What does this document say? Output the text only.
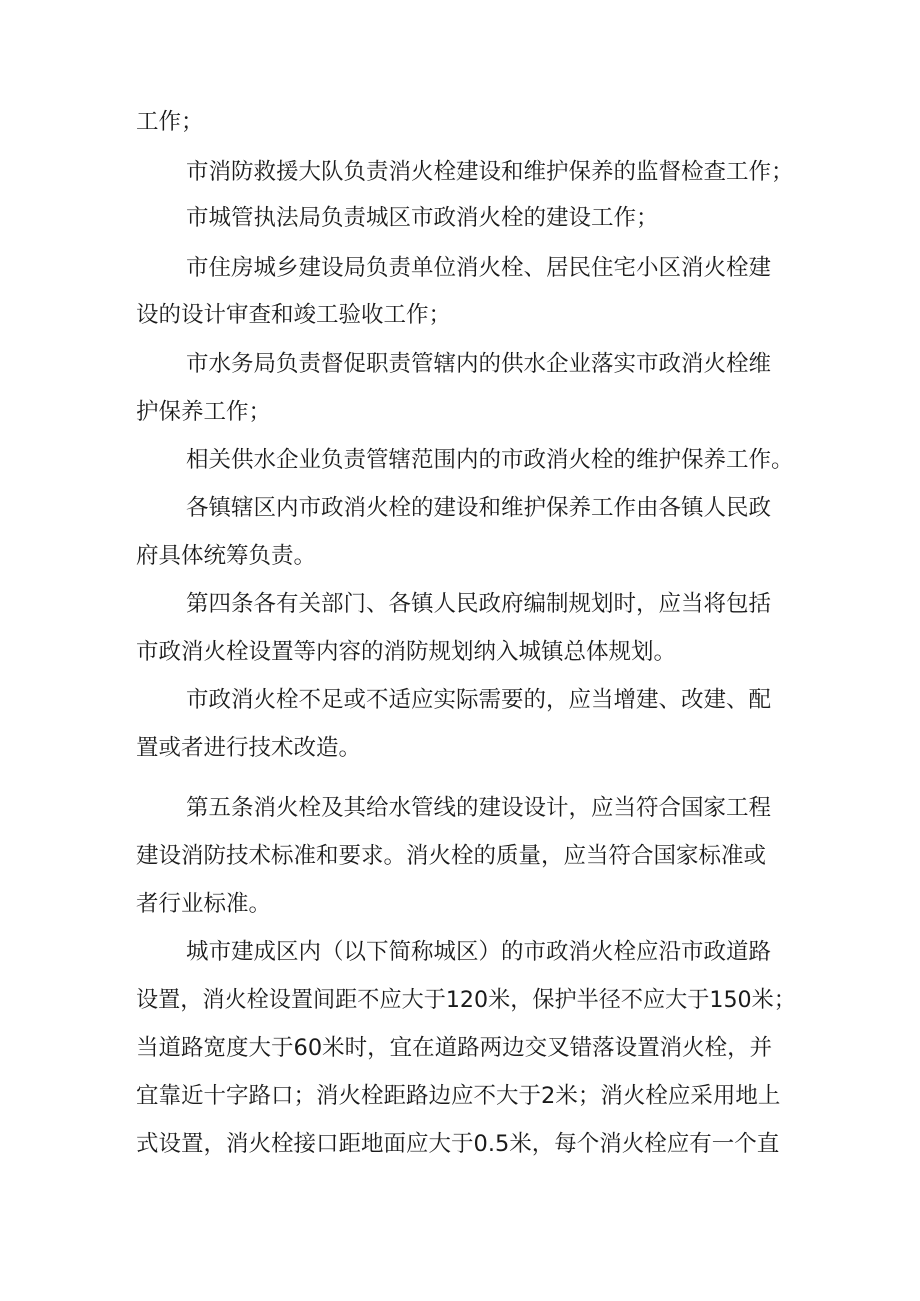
工作；
市消防救援大队负责消火栓建设和维护保养的监督检查工作；
市城管执法局负责城区市政消火栓的建设工作；
市住房城乡建设局负责单位消火栓、居民住宅小区消火栓建
设的设计审查和竣工验收工作；
市水务局负责督促职责管辖内的供水企业落实市政消火栓维
护保养工作；
相关供水企业负责管辖范围内的市政消火栓的维护保养工作。
各镇辖区内市政消火栓的建设和维护保养工作由各镇人民政
府具体统筹负责。
第四条各有关部门、各镇人民政府编制规划时，应当将包括
市政消火栓设置等内容的消防规划纳入城镇总体规划。
市政消火栓不足或不适应实际需要的，应当增建、改建、配
置或者进行技术改造。
第五条消火栓及其给水管线的建设设计，应当符合国家工程
建设消防技术标准和要求。消火栓的质量，应当符合国家标准或
者行业标准。
城市建成区内（以下简称城区）的市政消火栓应沿市政道路
设置，消火栓设置间距不应大于120米，保护半径不应大于150米；
当道路宽度大于60米时，宜在道路两边交叉错落设置消火栓，并
宜靠近十字路口；消火栓距路边应不大于2米；消火栓应采用地上
式设置，消火栓接口距地面应大于0.5米，每个消火栓应有一个直
